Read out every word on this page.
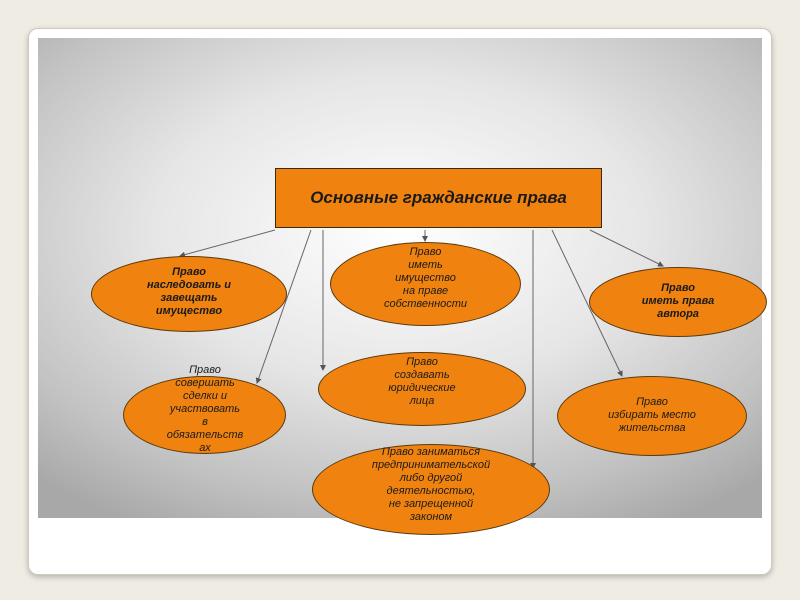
Основные гражданские права
Право
наследовать и
завещать
имущество
Право
иметь
имущество
на праве
собственности
Право
иметь права
автора
Право
совершать
сделки и
участвовать
в
обязательств
ах
Право
создавать
юридические
лица	Право
избирать место
жительства
Право заниматься
предпринимательской
либо другой
деятельностью,
не запрещенной
законом
